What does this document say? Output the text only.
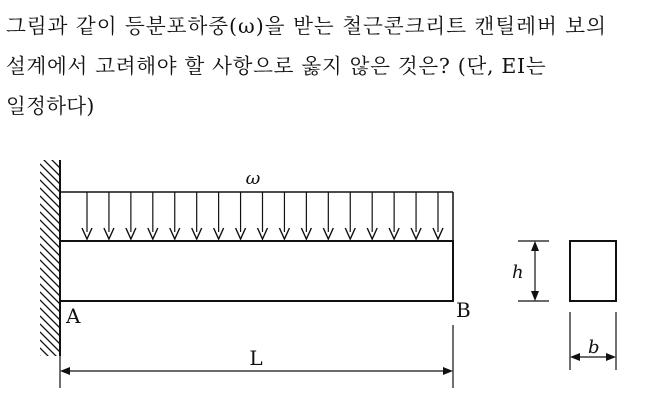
그림과 같이 등분포하중(ω)을 받는 철근콘크리트 캔틸레버 보의
설계에서 고려해야 할 사항으로 옳지 않은 것은? (단, EI는
일정하다)
ω
A	B
L
h
b
